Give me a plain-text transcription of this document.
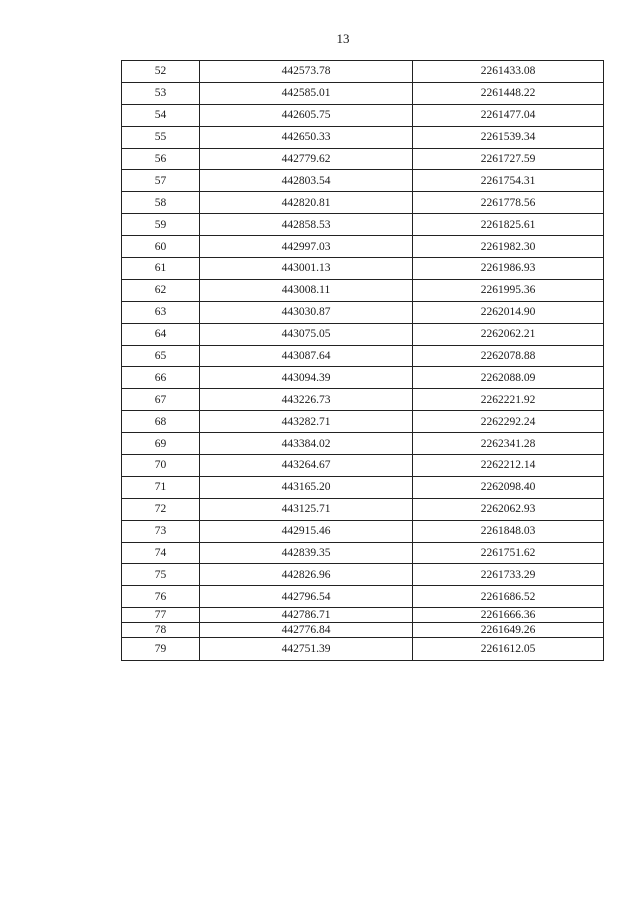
13
52	442573.78	2261433.08
53	442585.01	2261448.22
54	442605.75	2261477.04
55	442650.33	2261539.34
56	442779.62	2261727.59
57	442803.54	2261754.31
58	442820.81	2261778.56
59	442858.53	2261825.61
60	442997.03	2261982.30
61	443001.13	2261986.93
62	443008.11	2261995.36
63	443030.87	2262014.90
64	443075.05	2262062.21
65	443087.64	2262078.88
66	443094.39	2262088.09
67	443226.73	2262221.92
68	443282.71	2262292.24
69	443384.02	2262341.28
70	443264.67	2262212.14
71	443165.20	2262098.40
72	443125.71	2262062.93
73	442915.46	2261848.03
74	442839.35	2261751.62
75	442826.96	2261733.29
76	442796.54	2261686.52
77	442786.71	2261666.36
78	442776.84	2261649.26
79	442751.39	2261612.05
